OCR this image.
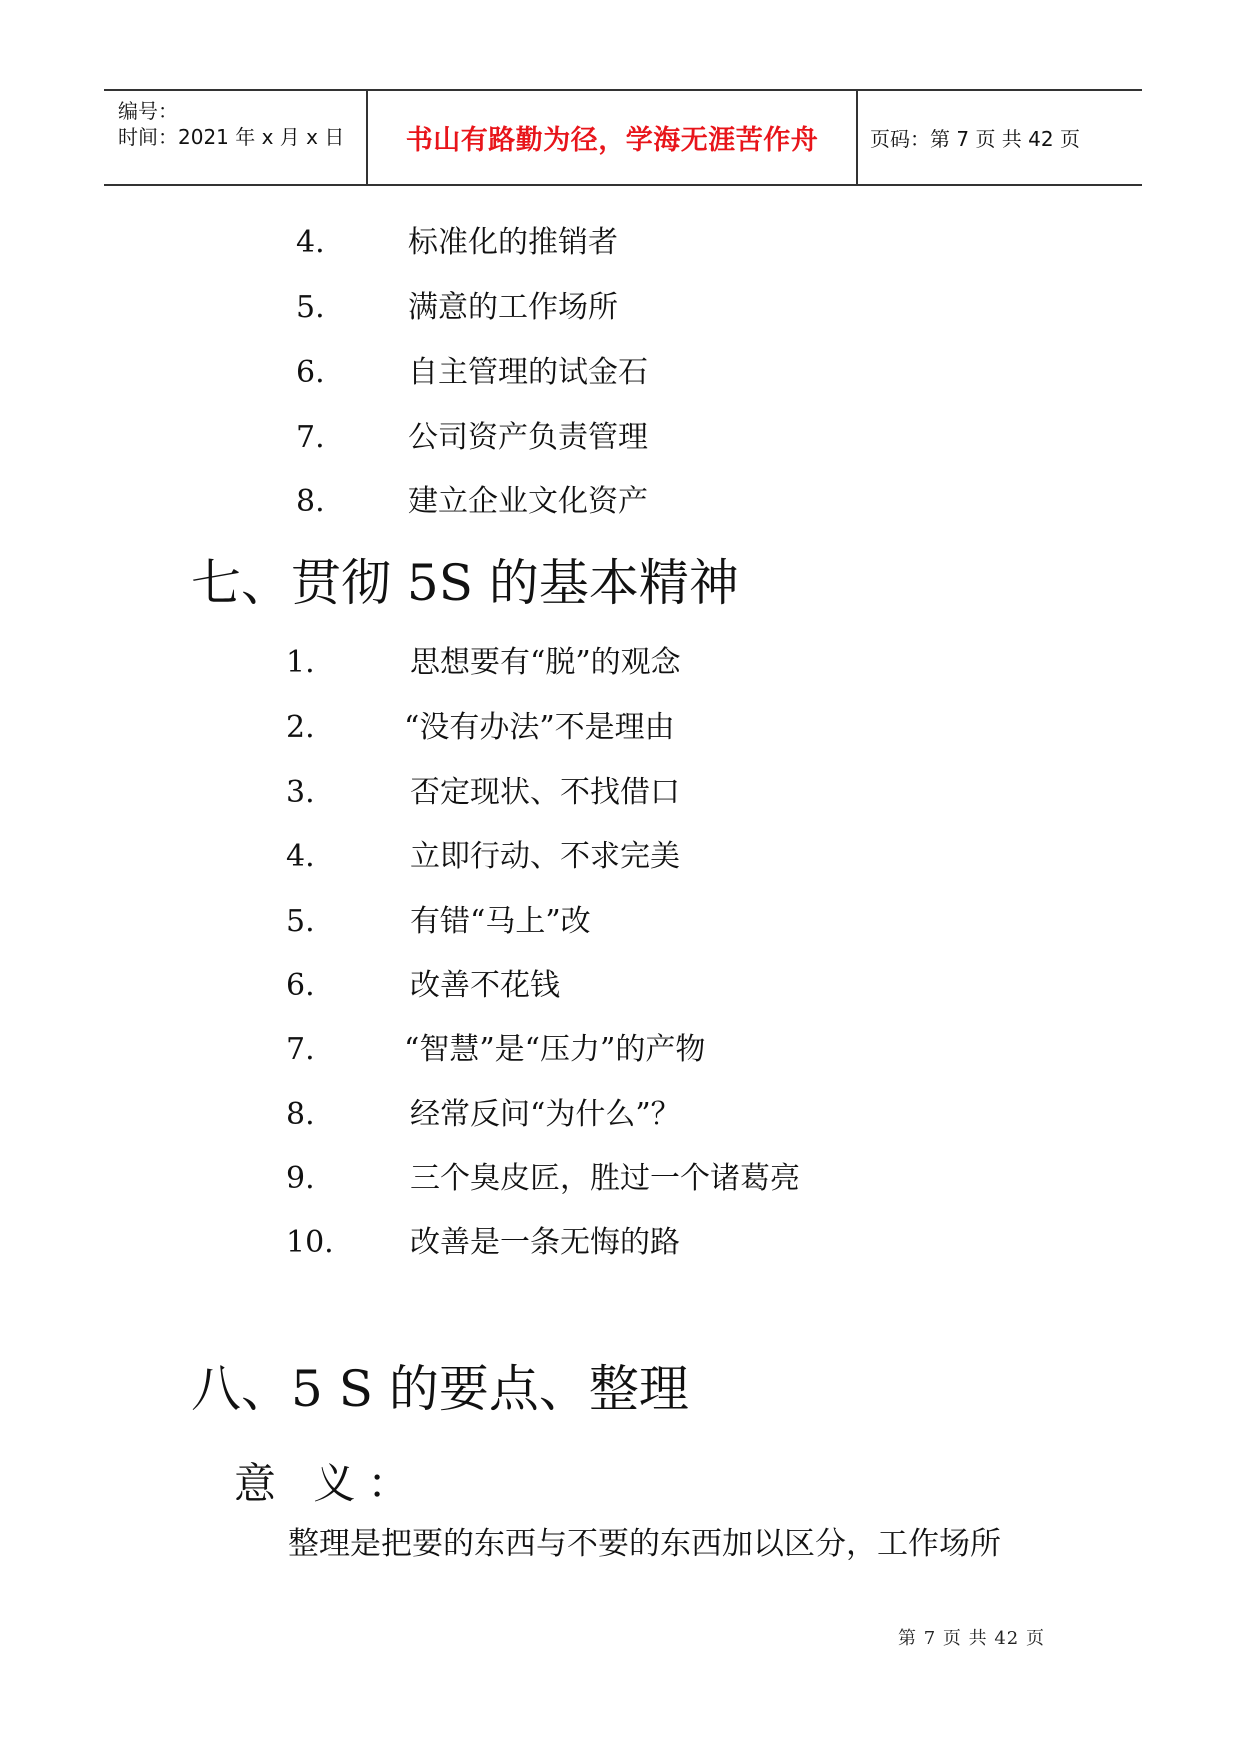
编号：
时间：2021 年 x 月 x 日 书山有路勤为径，学海无涯苦作舟	页码：第 7 页 共 42 页
4.	标准化的推销者
5.	满意的工作场所
6.	自主管理的试金石
7.	公司资产负责管理
8.	建立企业文化资产
七、贯彻 5S 的基本精神
1.	思想要有“脱”的观念
2.	“没有办法”不是理由
3.	否定现状、不找借口
4.	立即行动、不求完美
5.	有错“马上”改
6.	改善不花钱
7.	“智慧”是“压力”的产物
8.	经常反问“为什么”？
9.	三个臭皮匠，胜过一个诸葛亮
10.	改善是一条无悔的路
八、5 S 的要点、整理
意 义：
整理是把要的东西与不要的东西加以区分，工作场所
第 7 页 共 42 页
